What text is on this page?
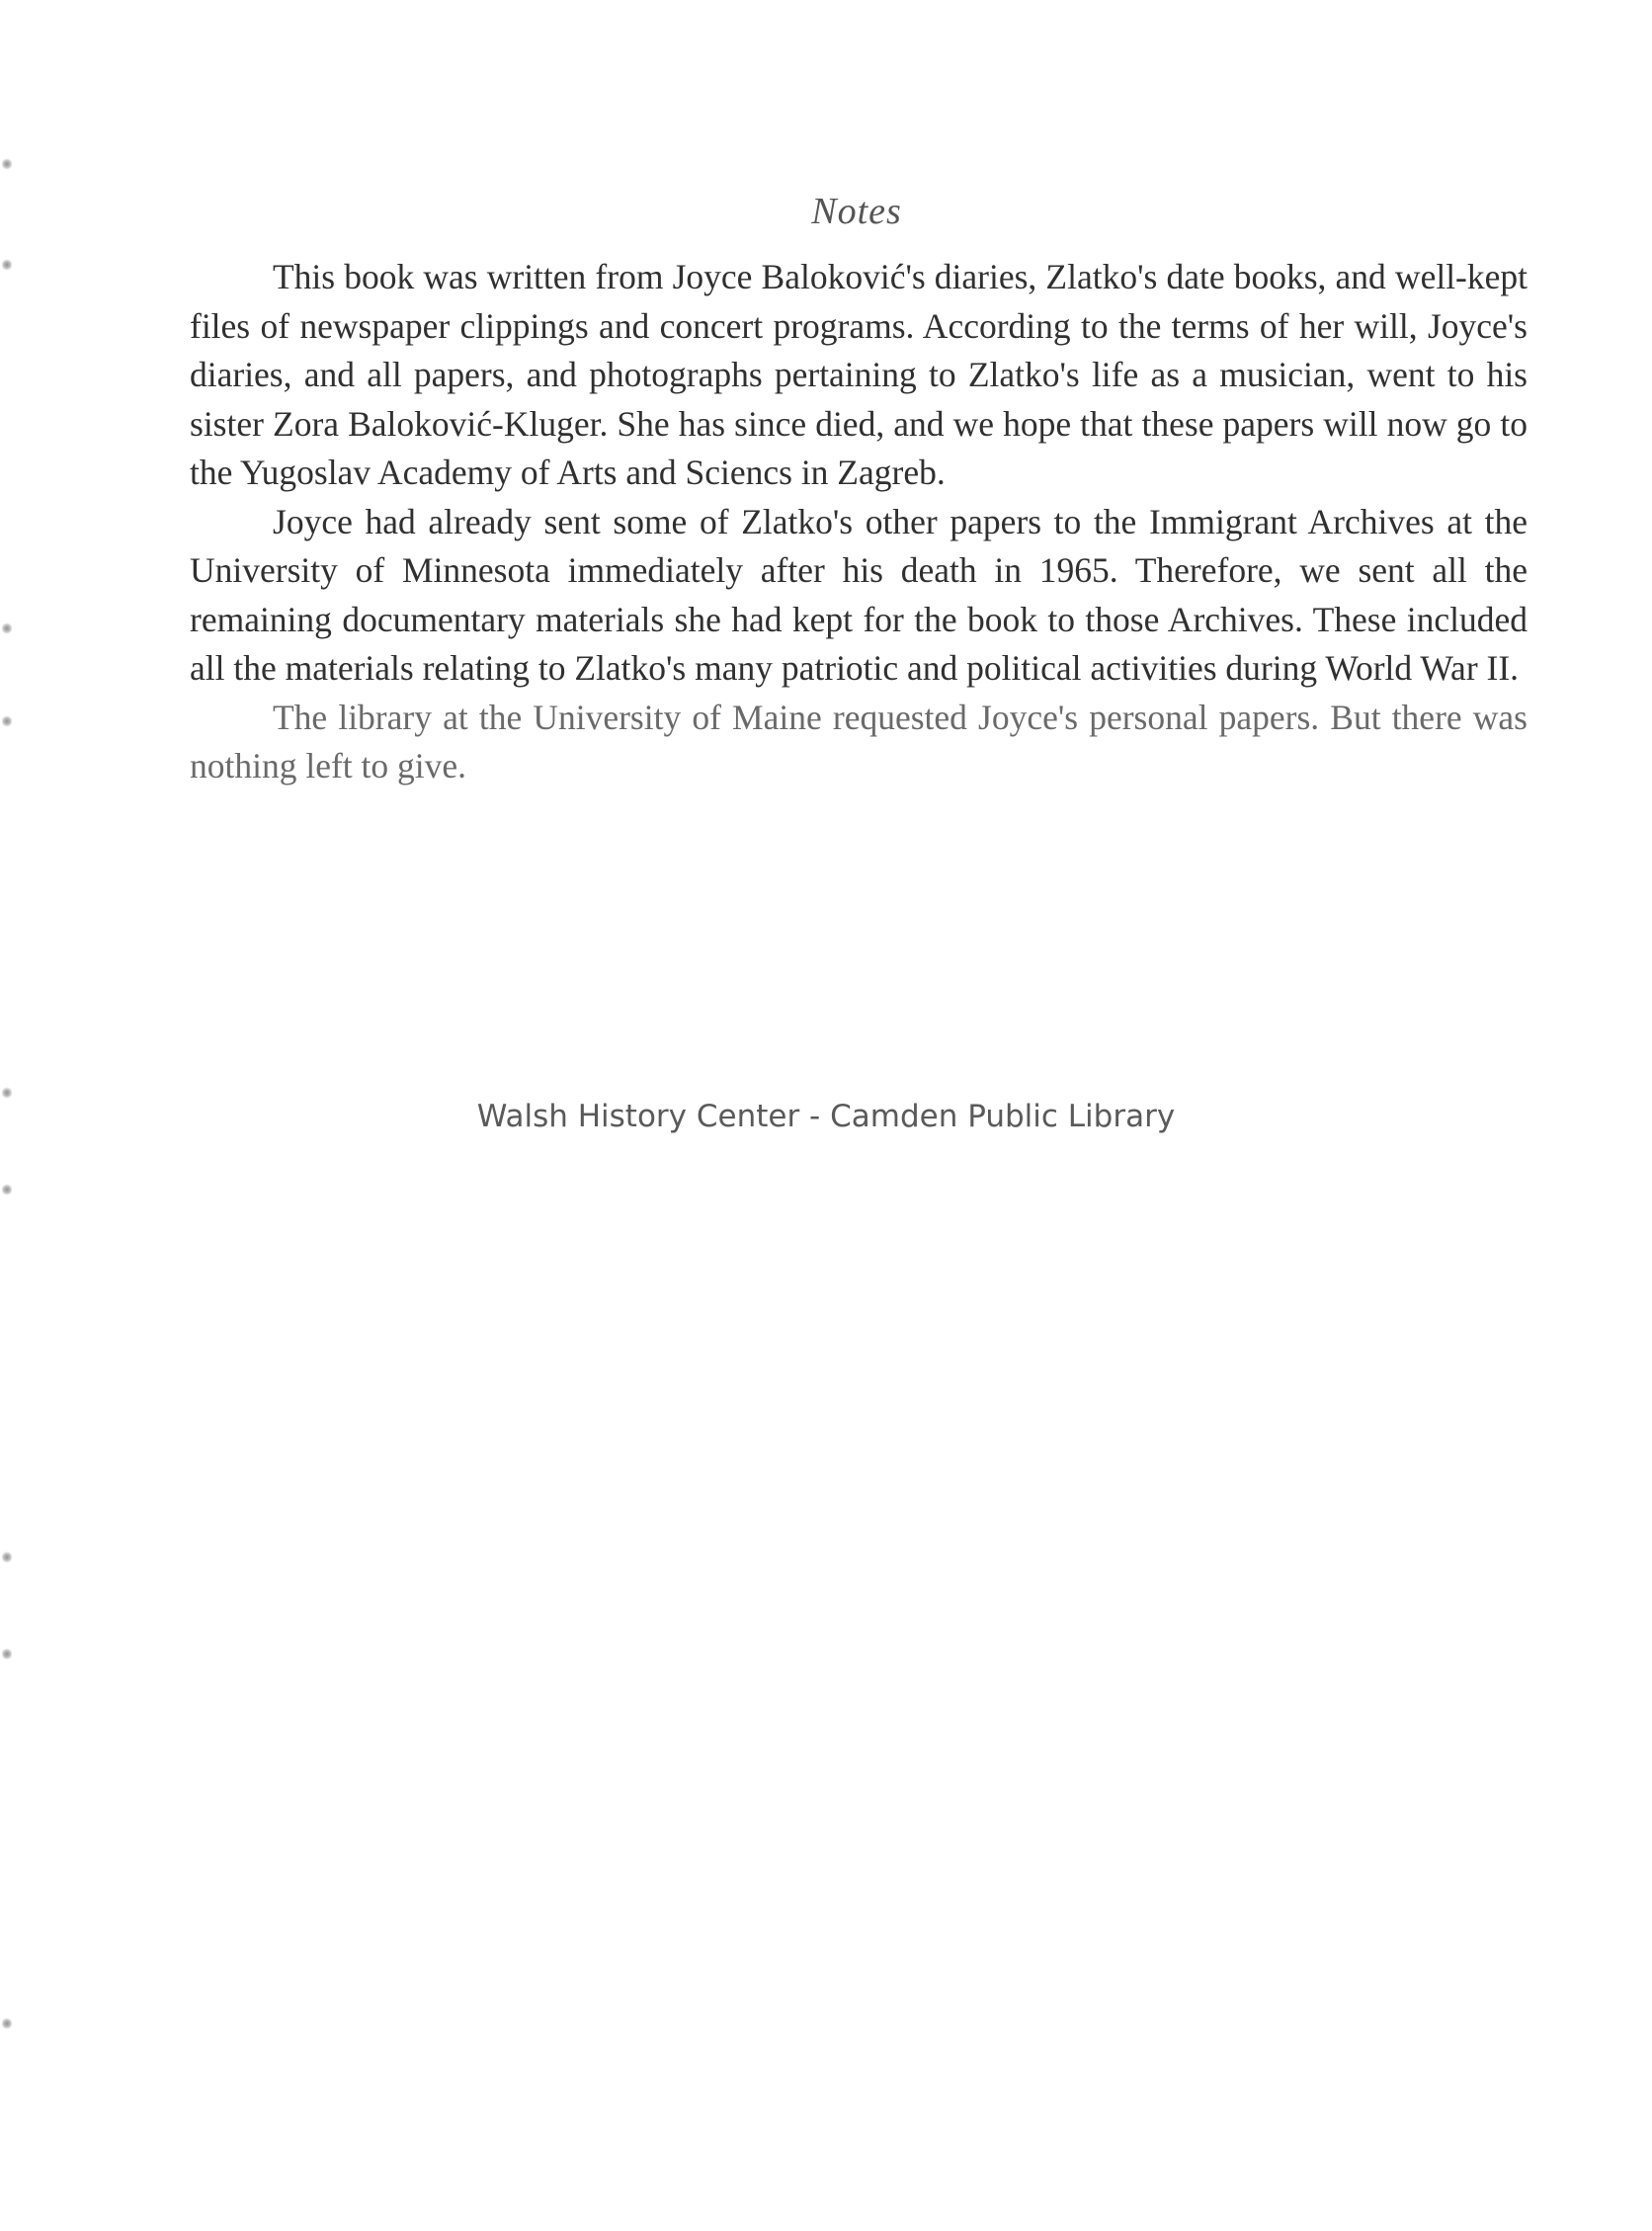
Notes

This book was written from Joyce Baloković's diaries, Zlatko's date books, and well-kept files of newspaper clippings and concert programs. According to the terms of her will, Joyce's diaries, and all papers, and photographs pertaining to Zlatko's life as a musician, went to his sister Zora Baloković-Kluger. She has since died, and we hope that these papers will now go to the Yugoslav Academy of Arts and Sciencs in Zagreb.

Joyce had already sent some of Zlatko's other papers to the Immigrant Archives at the University of Minnesota immediately after his death in 1965. Therefore, we sent all the remaining documentary materials she had kept for the book to those Archives. These included all the materials relating to Zlatko's many patriotic and political activities during World War II.

The library at the University of Maine requested Joyce's personal papers. But there was nothing left to give.

Walsh History Center - Camden Public Library
